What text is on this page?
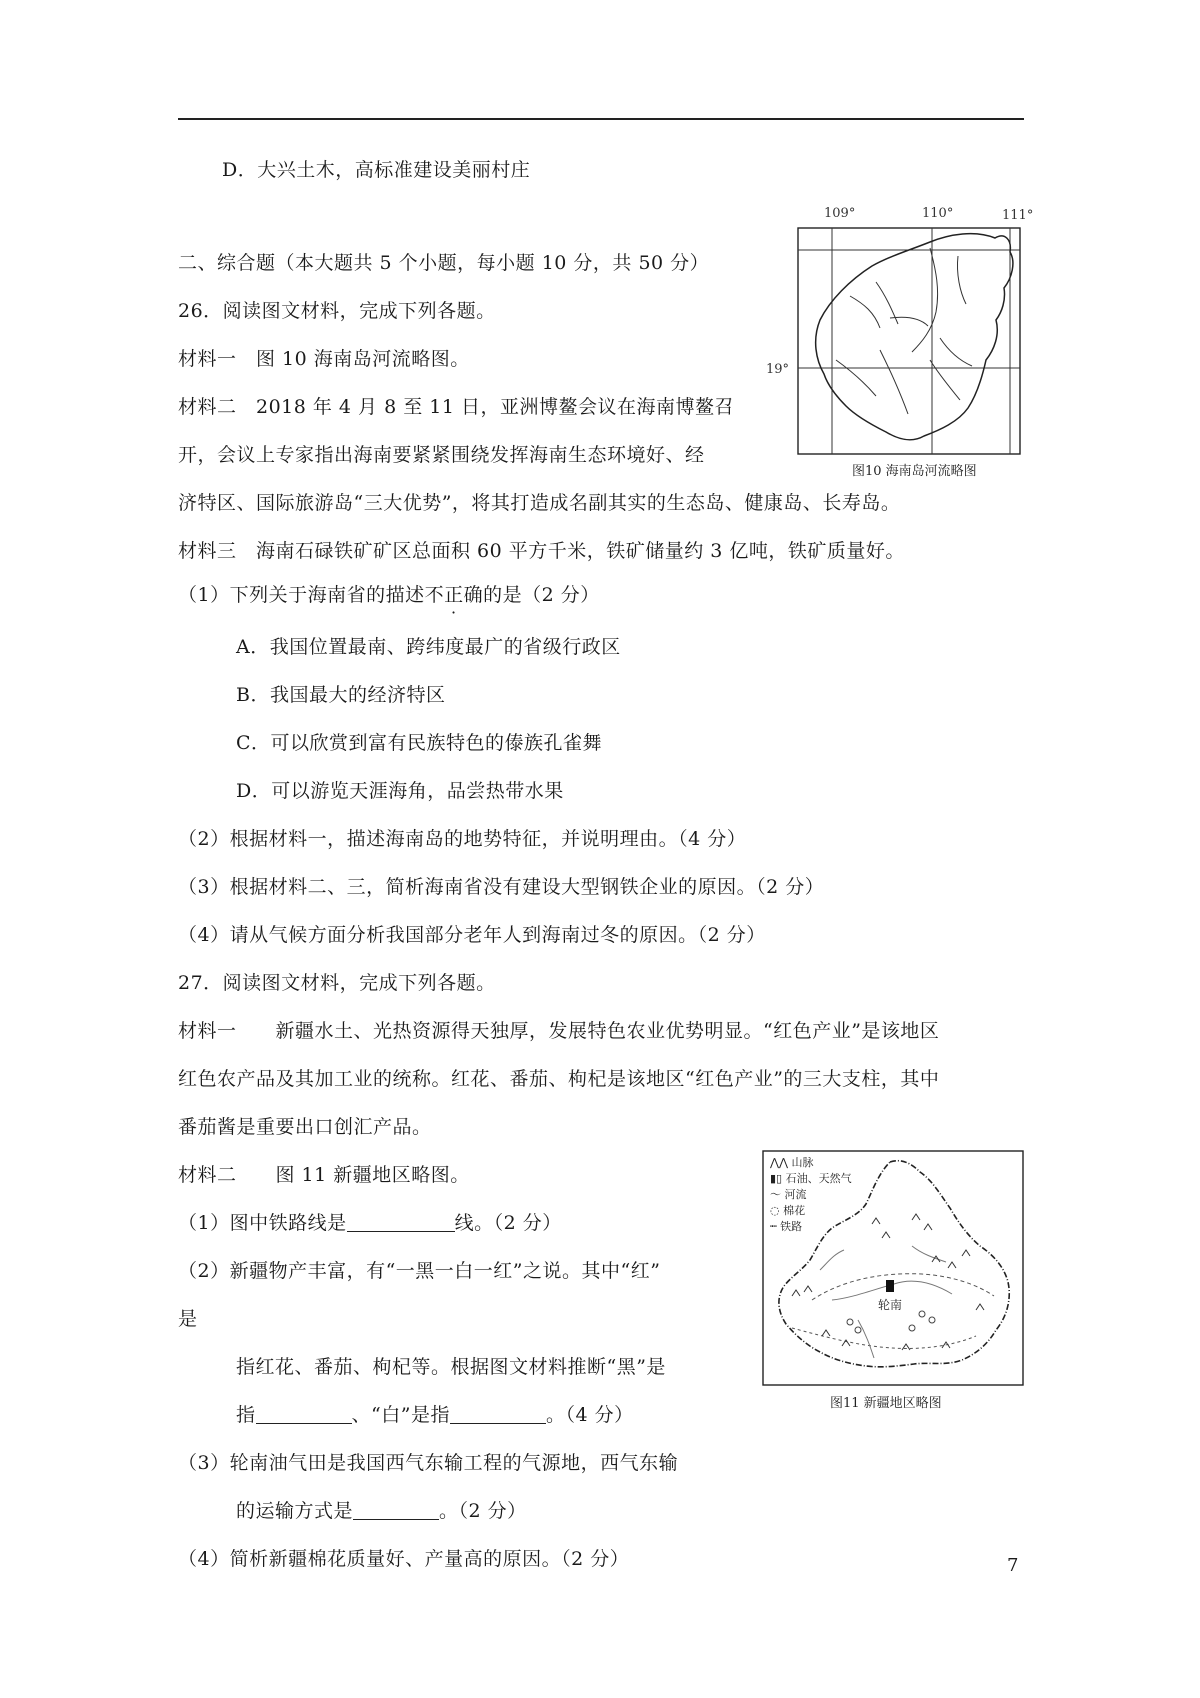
D．大兴土木，高标准建设美丽村庄
109°	110°	111°
19°
图10 海南岛河流略图
二、综合题（本大题共 5 个小题，每小题 10 分，共 50 分）
26．阅读图文材料，完成下列各题。
材料一　图 10 海南岛河流略图。
材料二　2018 年 4 月 8 至 11 日，亚洲博鳌会议在海南博鳌召
开，会议上专家指出海南要紧紧围绕发挥海南生态环境好、经
济特区、国际旅游岛“三大优势”，将其打造成名副其实的生态岛、健康岛、长寿岛。
材料三　海南石碌铁矿矿区总面积 60 平方千米，铁矿储量约 3 亿吨，铁矿质量好。
（1）下列关于海南省的描述不正确的是（2 分）
A．我国位置最南、跨纬度最广的省级行政区
B．我国最大的经济特区
C．可以欣赏到富有民族特色的傣族孔雀舞
D．可以游览天涯海角，品尝热带水果
（2）根据材料一，描述海南岛的地势特征，并说明理由。（4 分）
（3）根据材料二、三，简析海南省没有建设大型钢铁企业的原因。（2 分）
（4）请从气候方面分析我国部分老年人到海南过冬的原因。（2 分）
27．阅读图文材料，完成下列各题。
材料一　　新疆水土、光热资源得天独厚，发展特色农业优势明显。“红色产业”是该地区
红色农产品及其加工业的统称。红花、番茄、枸杞是该地区“红色产业”的三大支柱，其中
番茄酱是重要出口创汇产品。
材料二　　图 11 新疆地区略图。
（1）图中铁路线是	线。（2 分）
（2）新疆物产丰富，有“一黑一白一红”之说。其中“红”
是
指红花、番茄、枸杞等。根据图文材料推断“黑”是
指	、“白”是指	。（4 分）
（3）轮南油气田是我国西气东输工程的气源地，西气东输
的运输方式是	。（2 分）
（4）简析新疆棉花质量好、产量高的原因。（2 分）
⋀⋀ 山脉
▮▯ 石油、天然气
～ 河流
◌ 棉花
┉ 铁路
轮南
图11 新疆地区略图
7
